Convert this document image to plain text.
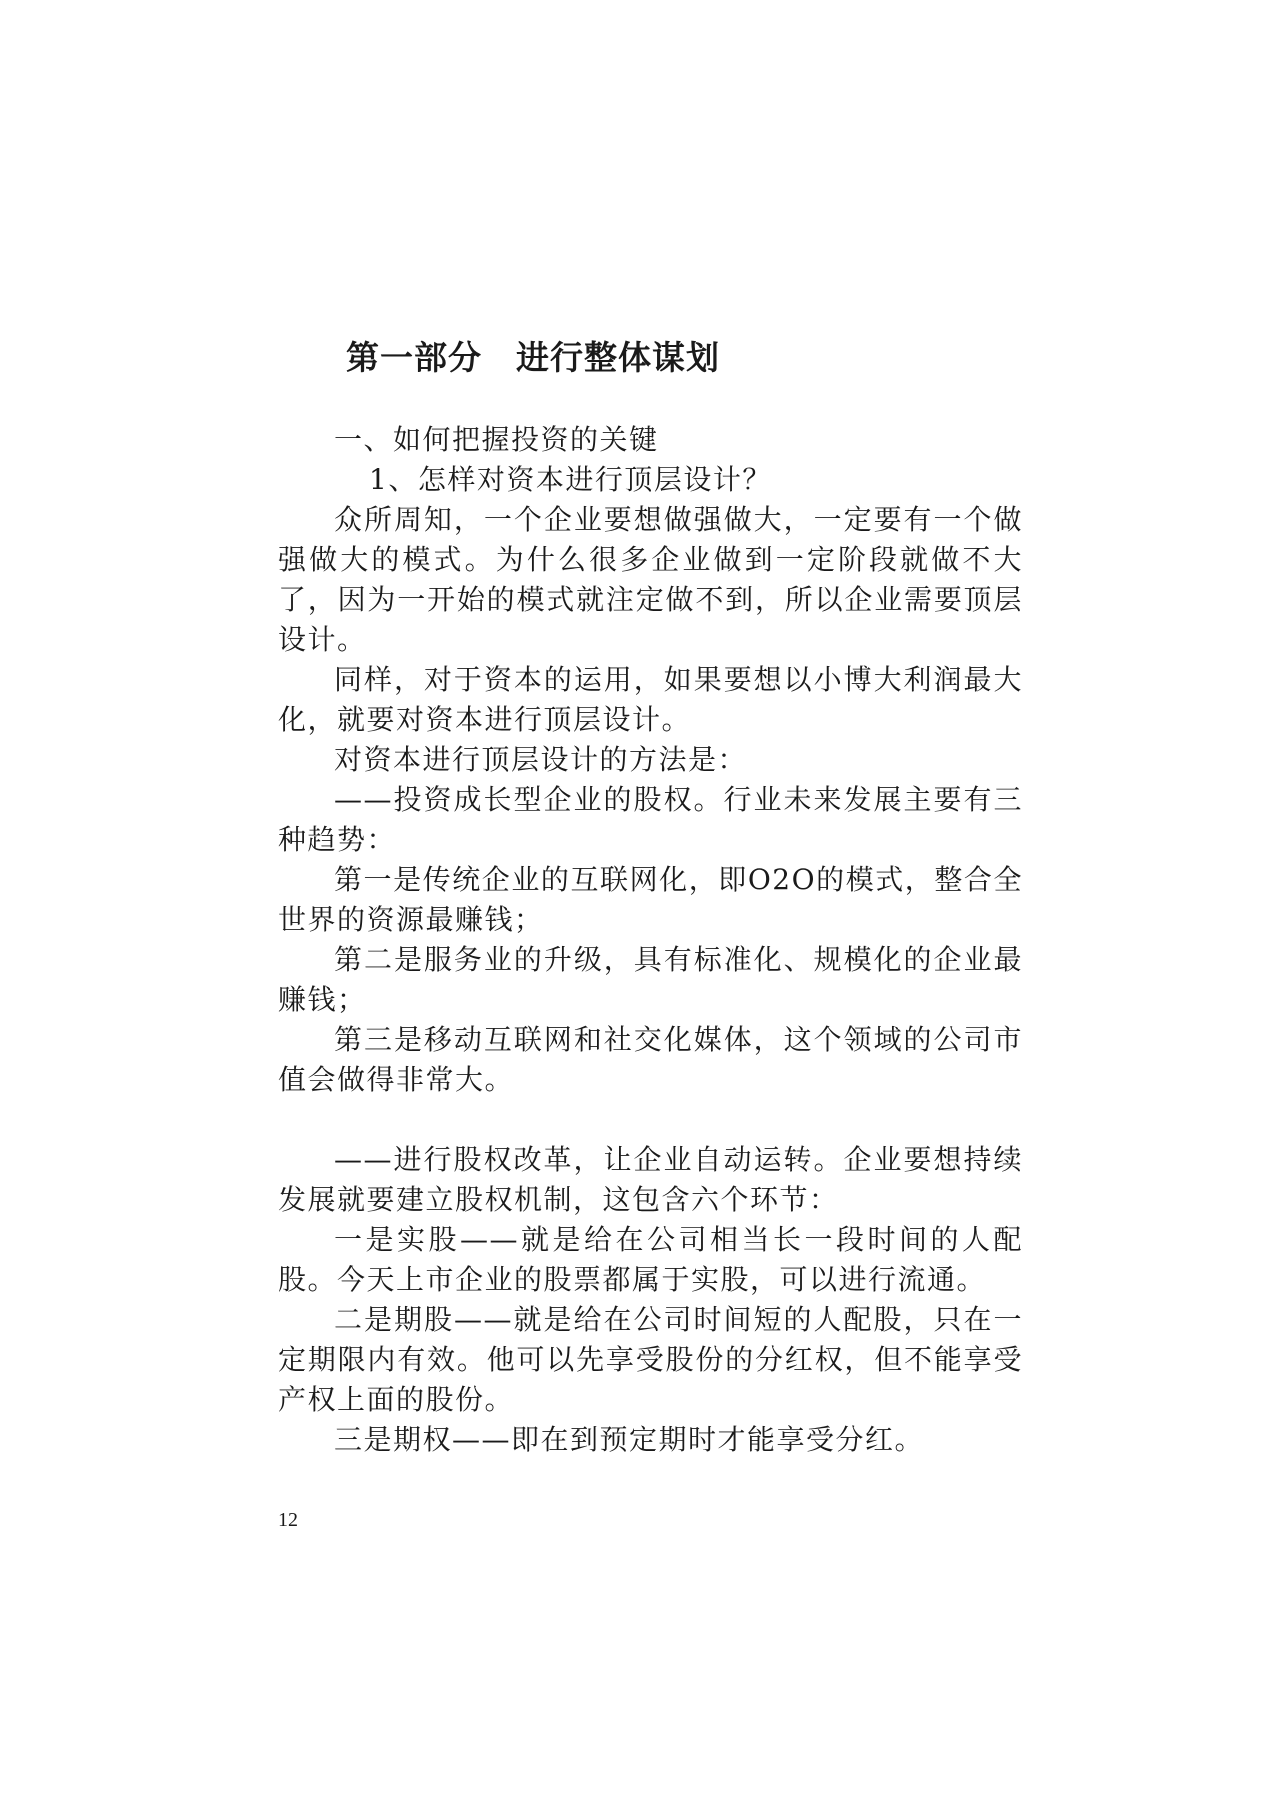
第一部分　进行整体谋划

一、如何把握投资的关键

1、怎样对资本进行顶层设计？

众所周知，一个企业要想做强做大，一定要有一个做强做大的模式。为什么很多企业做到一定阶段就做不大了，因为一开始的模式就注定做不到，所以企业需要顶层设计。

同样，对于资本的运用，如果要想以小博大利润最大化，就要对资本进行顶层设计。

对资本进行顶层设计的方法是：

——投资成长型企业的股权。行业未来发展主要有三种趋势：

第一是传统企业的互联网化，即O2O的模式，整合全世界的资源最赚钱；

第二是服务业的升级，具有标准化、规模化的企业最赚钱；

第三是移动互联网和社交化媒体，这个领域的公司市值会做得非常大。

——进行股权改革，让企业自动运转。企业要想持续发展就要建立股权机制，这包含六个环节：

一是实股——就是给在公司相当长一段时间的人配股。今天上市企业的股票都属于实股，可以进行流通。

二是期股——就是给在公司时间短的人配股，只在一定期限内有效。他可以先享受股份的分红权，但不能享受产权上面的股份。

三是期权——即在到预定期时才能享受分红。

12
